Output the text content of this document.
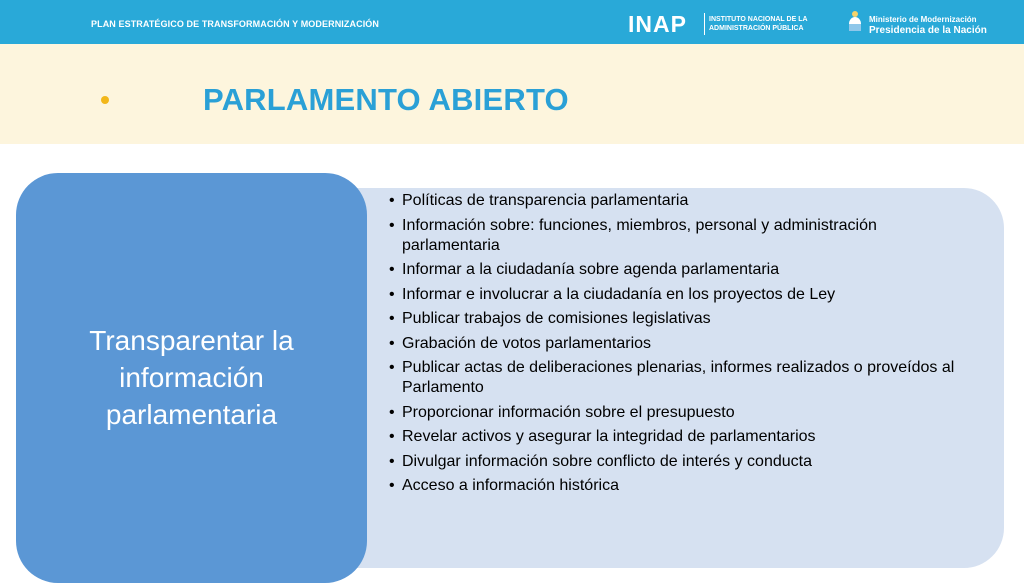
PLAN ESTRATÉGICO DE TRANSFORMACIÓN Y MODERNIZACIÓN	INAP	INSTITUTO NACIONAL DE LA
ADMINISTRACIÓN PÚBLICA
Ministerio de Modernización
Presidencia de la Nación
PARLAMENTO ABIERTO
Transparentar la
información
parlamentaria
• Políticas de transparencia parlamentaria
• Información sobre: funciones, miembros, personal y administración parlamentaria
• Informar a la ciudadanía sobre agenda parlamentaria
• Informar e involucrar a la ciudadanía en los proyectos de Ley
• Publicar trabajos de comisiones legislativas
• Grabación de votos parlamentarios
• Publicar actas de deliberaciones plenarias, informes realizados o proveídos al Parlamento
• Proporcionar información sobre el presupuesto
• Revelar activos y asegurar la integridad de parlamentarios
• Divulgar información sobre conflicto de interés y conducta
• Acceso a información histórica
